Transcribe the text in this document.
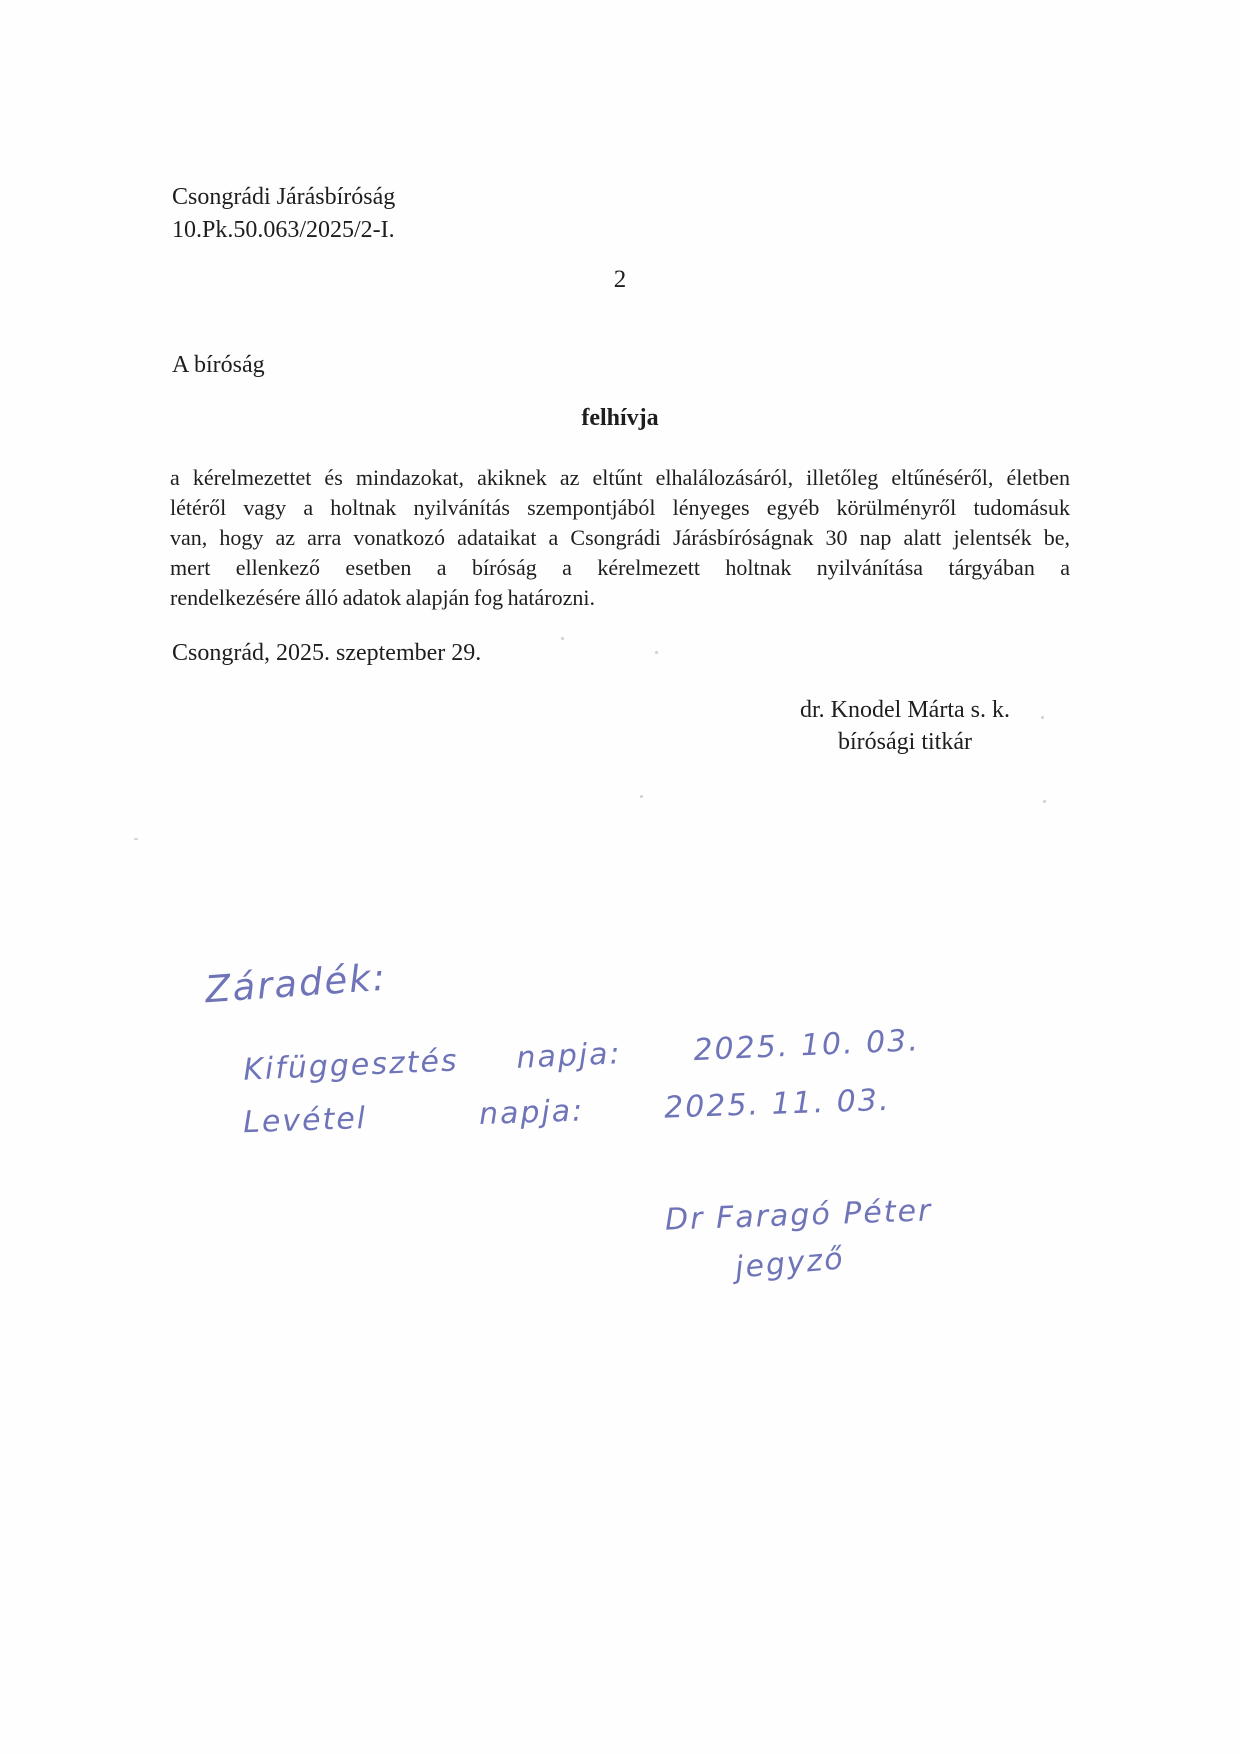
Csongrádi Járásbíróság
10.Pk.50.063/2025/2-I.
2
A bíróság
felhívja
a kérelmezettet és mindazokat, akiknek az eltűnt elhalálozásáról, illetőleg eltűnéséről, életben
létéről vagy a holtnak nyilvánítás szempontjából lényeges egyéb körülményről tudomásuk
van, hogy az arra vonatkozó adataikat a Csongrádi Járásbíróságnak 30 nap alatt jelentsék be,
mert ellenkező esetben a bíróság a kérelmezett holtnak nyilvánítása tárgyában a
rendelkezésére álló adatok alapján fog határozni.
Csongrád, 2025. szeptember 29.
dr. Knodel Márta s. k.
bírósági titkár
Záradék:
Kifüggesztés napja: 2025. 10. 03.
Levétel	napja:	2025. 11. 03.
Dr Faragó Péter
jegyző
